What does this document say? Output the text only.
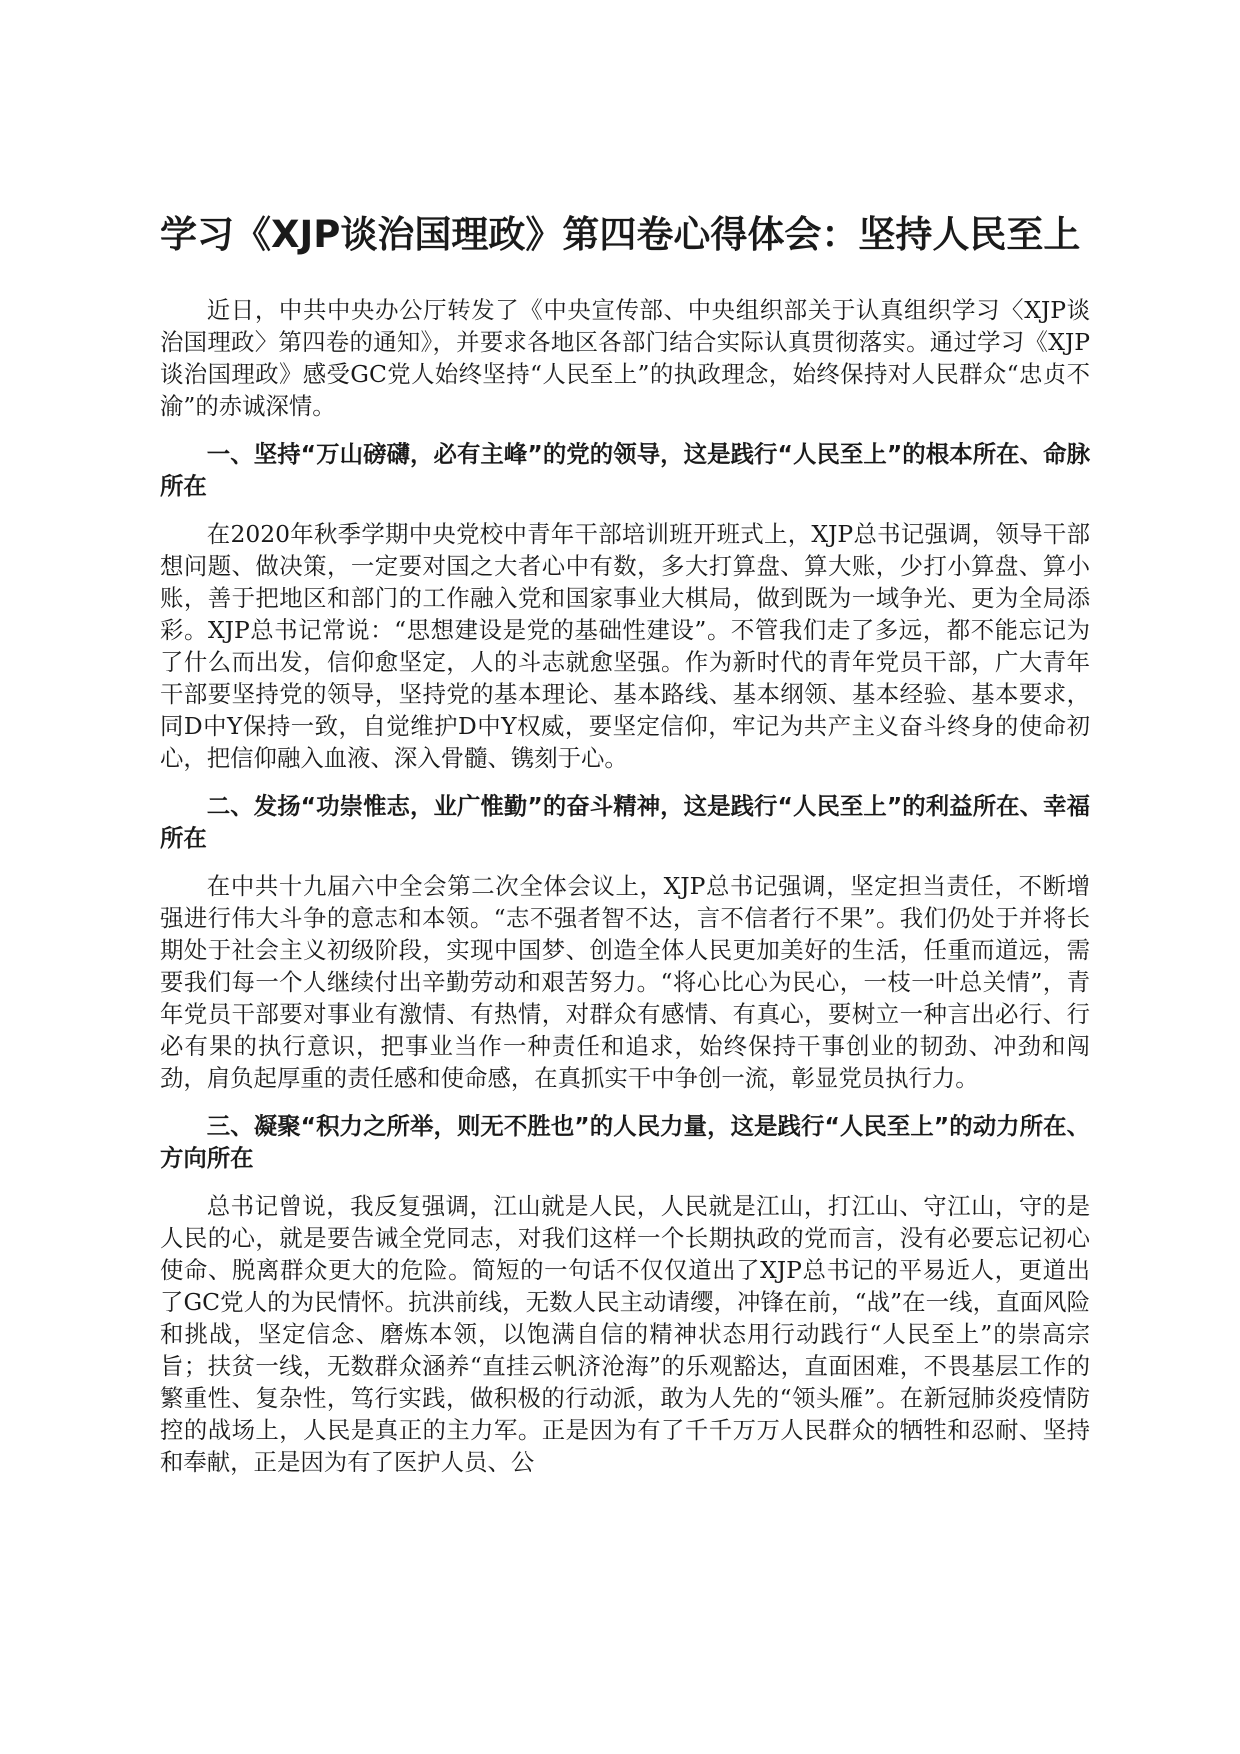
学习《XJP谈治国理政》第四卷心得体会：坚持人民至上

近日，中共中央办公厅转发了《中央宣传部、中央组织部关于认真组织学习〈XJP谈治国理政〉第四卷的通知》，并要求各地区各部门结合实际认真贯彻落实。通过学习《XJP谈治国理政》感受GC党人始终坚持“人民至上”的执政理念，始终保持对人民群众“忠贞不渝”的赤诚深情。

一、坚持“万山磅礴，必有主峰”的党的领导，这是践行“人民至上”的根本所在、命脉所在

在2020年秋季学期中央党校中青年干部培训班开班式上，XJP总书记强调，领导干部想问题、做决策，一定要对国之大者心中有数，多大打算盘、算大账，少打小算盘、算小账，善于把地区和部门的工作融入党和国家事业大棋局，做到既为一域争光、更为全局添彩。XJP总书记常说：“思想建设是党的基础性建设”。不管我们走了多远，都不能忘记为了什么而出发，信仰愈坚定，人的斗志就愈坚强。作为新时代的青年党员干部，广大青年干部要坚持党的领导，坚持党的基本理论、基本路线、基本纲领、基本经验、基本要求，同D中Y保持一致，自觉维护D中Y权威，要坚定信仰，牢记为共产主义奋斗终身的使命初心，把信仰融入血液、深入骨髓、镌刻于心。

二、发扬“功崇惟志，业广惟勤”的奋斗精神，这是践行“人民至上”的利益所在、幸福所在

在中共十九届六中全会第二次全体会议上，XJP总书记强调，坚定担当责任，不断增强进行伟大斗争的意志和本领。“志不强者智不达，言不信者行不果”。我们仍处于并将长期处于社会主义初级阶段，实现中国梦、创造全体人民更加美好的生活，任重而道远，需要我们每一个人继续付出辛勤劳动和艰苦努力。“将心比心为民心，一枝一叶总关情”，青年党员干部要对事业有激情、有热情，对群众有感情、有真心，要树立一种言出必行、行必有果的执行意识，把事业当作一种责任和追求，始终保持干事创业的韧劲、冲劲和闯劲，肩负起厚重的责任感和使命感，在真抓实干中争创一流，彰显党员执行力。

三、凝聚“积力之所举，则无不胜也”的人民力量，这是践行“人民至上”的动力所在、方向所在

总书记曾说，我反复强调，江山就是人民，人民就是江山，打江山、守江山，守的是人民的心，就是要告诫全党同志，对我们这样一个长期执政的党而言，没有必要忘记初心使命、脱离群众更大的危险。简短的一句话不仅仅道出了XJP总书记的平易近人，更道出了GC党人的为民情怀。抗洪前线，无数人民主动请缨，冲锋在前，“战”在一线，直面风险和挑战，坚定信念、磨炼本领，以饱满自信的精神状态用行动践行“人民至上”的崇高宗旨；扶贫一线，无数群众涵养“直挂云帆济沧海”的乐观豁达，直面困难，不畏基层工作的繁重性、复杂性，笃行实践，做积极的行动派，敢为人先的“领头雁”。在新冠肺炎疫情防控的战场上，人民是真正的主力军。正是因为有了千千万万人民群众的牺牲和忍耐、坚持和奉献，正是因为有了医护人员、公
